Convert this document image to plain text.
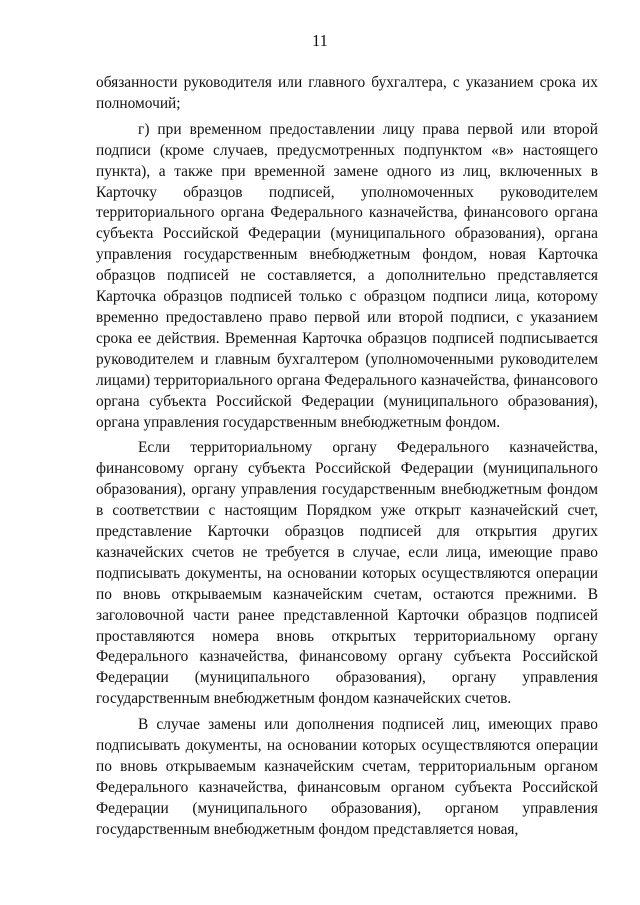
11

обязанности руководителя или главного бухгалтера, с указанием срока их полномочий;

г) при временном предоставлении лицу права первой или второй подписи (кроме случаев, предусмотренных подпунктом «в» настоящего пункта), а также при временной замене одного из лиц, включенных в Карточку образцов подписей, уполномоченных руководителем территориального органа Федерального казначейства, финансового органа субъекта Российской Федерации (муниципального образования), органа управления государственным внебюджетным фондом, новая Карточка образцов подписей не составляется, а дополнительно представляется Карточка образцов подписей только с образцом подписи лица, которому временно предоставлено право первой или второй подписи, с указанием срока ее действия. Временная Карточка образцов подписей подписывается руководителем и главным бухгалтером (уполномоченными руководителем лицами) территориального органа Федерального казначейства, финансового органа субъекта Российской Федерации (муниципального образования), органа управления государственным внебюджетным фондом.

Если территориальному органу Федерального казначейства, финансовому органу субъекта Российской Федерации (муниципального образования), органу управления государственным внебюджетным фондом в соответствии с настоящим Порядком уже открыт казначейский счет, представление Карточки образцов подписей для открытия других казначейских счетов не требуется в случае, если лица, имеющие право подписывать документы, на основании которых осуществляются операции по вновь открываемым казначейским счетам, остаются прежними. В заголовочной части ранее представленной Карточки образцов подписей проставляются номера вновь открытых территориальному органу Федерального казначейства, финансовому органу субъекта Российской Федерации (муниципального образования), органу управления государственным внебюджетным фондом казначейских счетов.

В случае замены или дополнения подписей лиц, имеющих право подписывать документы, на основании которых осуществляются операции по вновь открываемым казначейским счетам, территориальным органом Федерального казначейства, финансовым органом субъекта Российской Федерации (муниципального образования), органом управления государственным внебюджетным фондом представляется новая,
